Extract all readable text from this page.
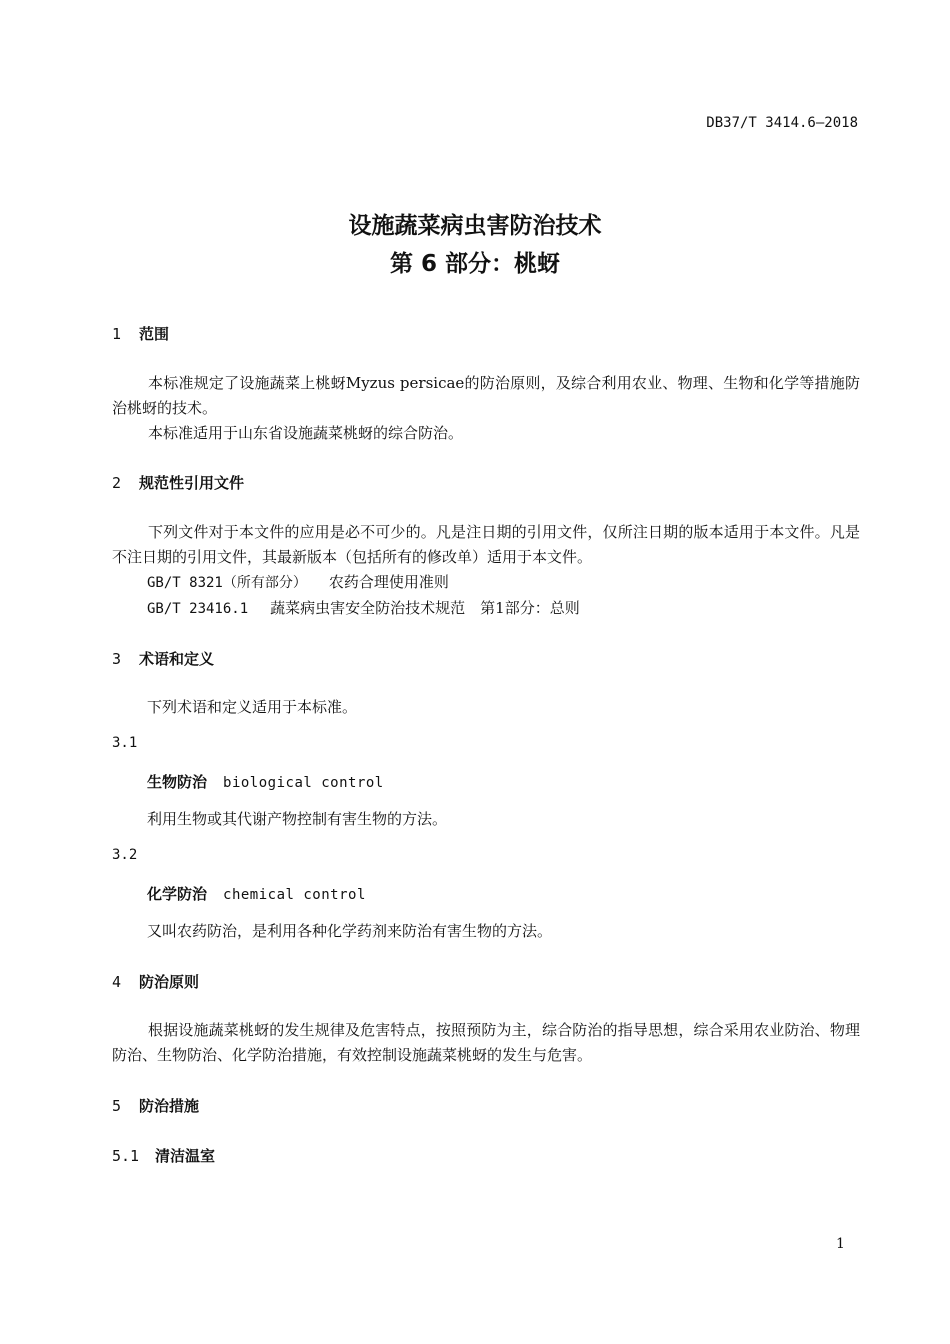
DB37/T 3414.6—2018
设施蔬菜病虫害防治技术
第 6 部分：桃蚜
1 范围
本标准规定了设施蔬菜上桃蚜Myzus persicae的防治原则，及综合利用农业、物理、生物和化学等措施防治桃蚜的技术。
本标准适用于山东省设施蔬菜桃蚜的综合防治。
2 规范性引用文件
下列文件对于本文件的应用是必不可少的。凡是注日期的引用文件，仅所注日期的版本适用于本文件。凡是不注日期的引用文件，其最新版本（包括所有的修改单）适用于本文件。
GB/T 8321（所有部分） 农药合理使用准则
GB/T 23416.1 蔬菜病虫害安全防治技术规范　第1部分：总则
3 术语和定义
下列术语和定义适用于本标准。
3.1
生物防治 biological control
利用生物或其代谢产物控制有害生物的方法。
3.2
化学防治 chemical control
又叫农药防治，是利用各种化学药剂来防治有害生物的方法。
4 防治原则
根据设施蔬菜桃蚜的发生规律及危害特点，按照预防为主，综合防治的指导思想，综合采用农业防治、物理防治、生物防治、化学防治措施，有效控制设施蔬菜桃蚜的发生与危害。
5 防治措施
5.1 清洁温室
1
